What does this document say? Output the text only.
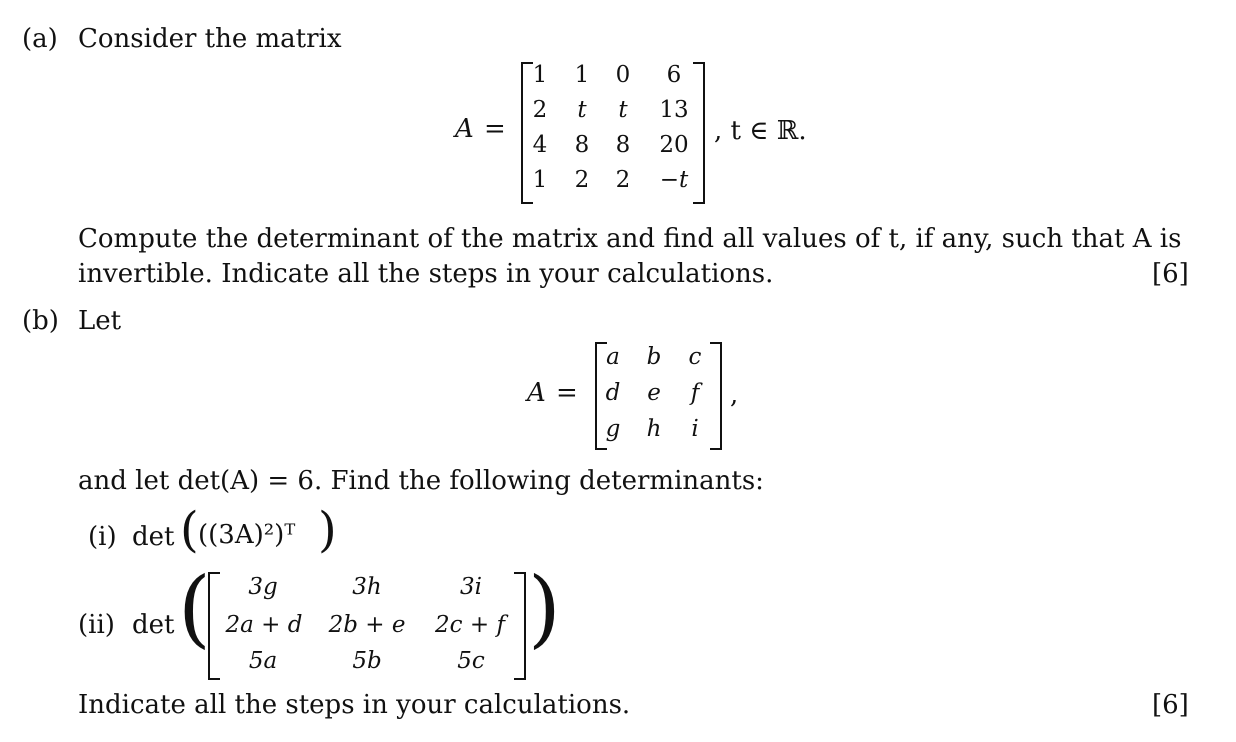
(a) Consider the matrix
A =
1	1	0	6
2	t	t	13
4	8	8	20
1	2	2	−t
, t ∈ ℝ.
Compute the determinant of the matrix and find all values of t, if any, such that A is
invertible. Indicate all the steps in your calculations.	[6]
(b) Let
A =
a	b	c
d	e	f
g	h	i
,
and let det(A) = 6. Find the following determinants:
(i) det ( ((3A)²)ᵀ )
(ii) det (	3g	3h	3i
2a + d	2b + e	2c + f
5a	5b	5c
)
Indicate all the steps in your calculations.	[6]
